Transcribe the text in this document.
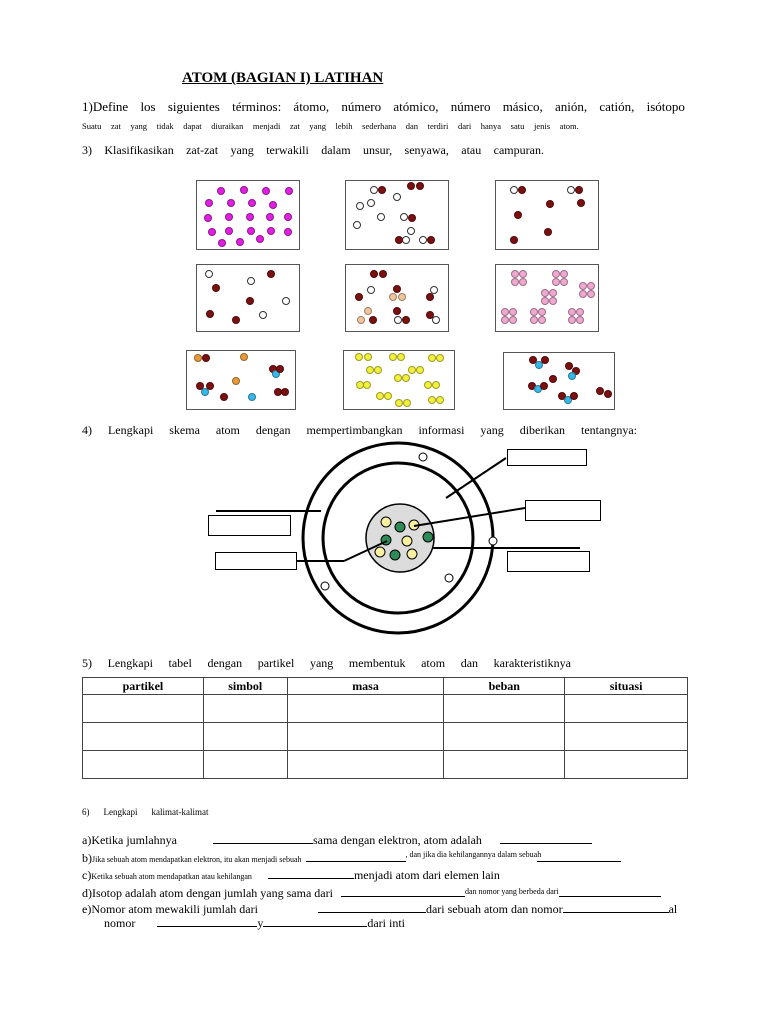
ATOM (BAGIAN I) LATIHAN
1)Define los siguientes términos: átomo, número atómico, número másico, anión, catión, isótopo
Suatu zat yang tidak dapat diuraikan menjadi zat yang lebih sederhana dan terdiri dari hanya satu jenis atom.
3) Klasifikasikan zat-zat yang terwakili dalam unsur, senyawa, atau campuran.
4) Lengkapi skema atom dengan mempertimbangkan informasi yang diberikan tentangnya:
5) Lengkapi tabel dengan partikel yang membentuk atom dan karakteristiknya
partikel	simbol	masa	beban	situasi

6) Lengkapi kalimat-kalimat
a)Ketika jumlahnya	sama dengan elektron, atom adalah
b)Jika sebuah atom mendapatkan elektron, itu akan menjadi sebuah$^{, dan jika dia kehilangannya dalam sebuah}$
c)Ketika sebuah atom mendapatkan atau kehilangan	menjadi atom dari elemen lain
d)Isotop adalah atom dengan jumlah yang sama dari	dan nomor yang berbeda dari
e)Nomor atom mewakili jumlah dari	dari sebuah atom dan nomor	al
nomor	y	dari inti
